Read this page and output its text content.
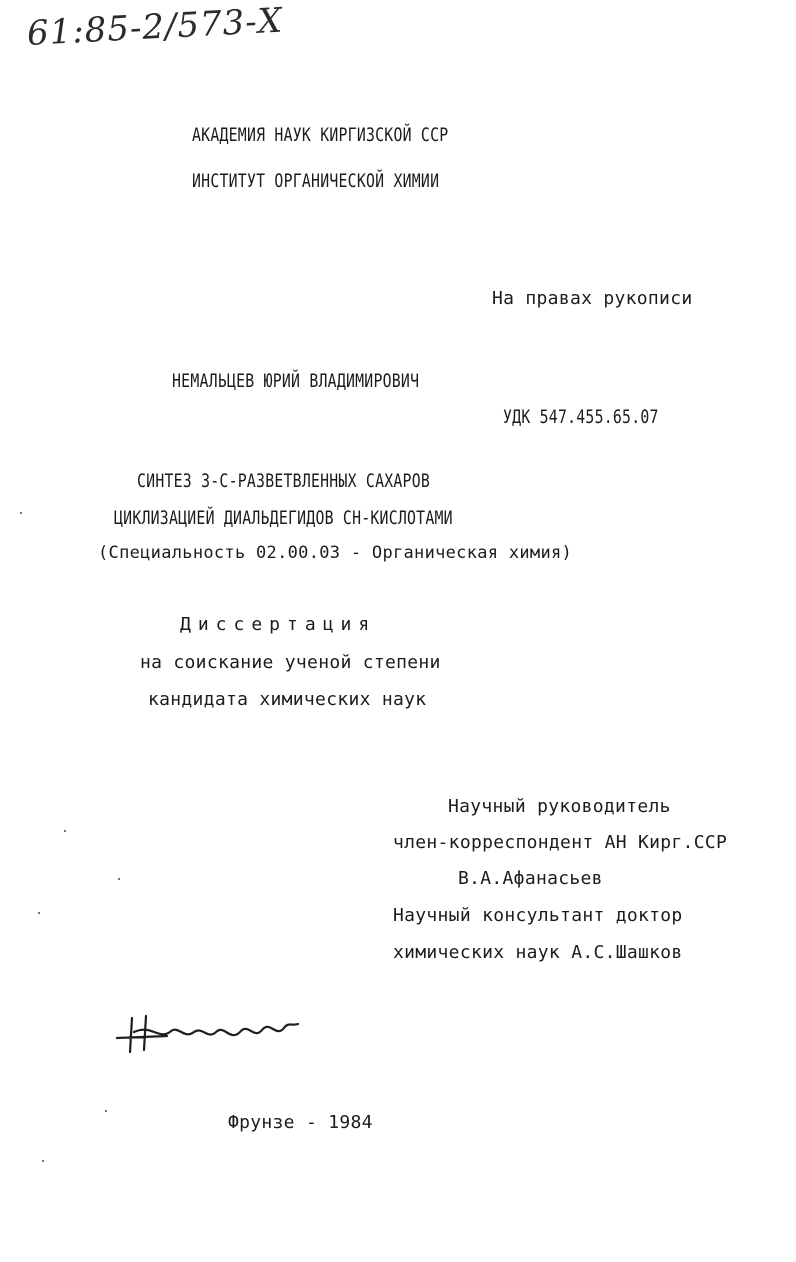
61:85-2/573-Х
АКАДЕМИЯ НАУК КИРГИЗСКОЙ ССР
ИНСТИТУТ ОРГАНИЧЕСКОЙ ХИМИИ
На правах рукописи
НЕМАЛЬЦЕВ ЮРИЙ ВЛАДИМИРОВИЧ
УДК 547.455.65.07
СИНТЕЗ 3-С-РАЗВЕТВЛЕННЫХ САХАРОВ
ЦИКЛИЗАЦИЕЙ ДИАЛЬДЕГИДОВ СН-КИСЛОТАМИ
(Специальность 02.00.03 - Органическая химия)
Диссертация
на соискание ученой степени
кандидата химических наук
Научный руководитель
член-корреспондент АН Кирг.ССР
В.А.Афанасьев
Научный консультант доктор
химических наук А.С.Шашков
Фрунзе - 1984
